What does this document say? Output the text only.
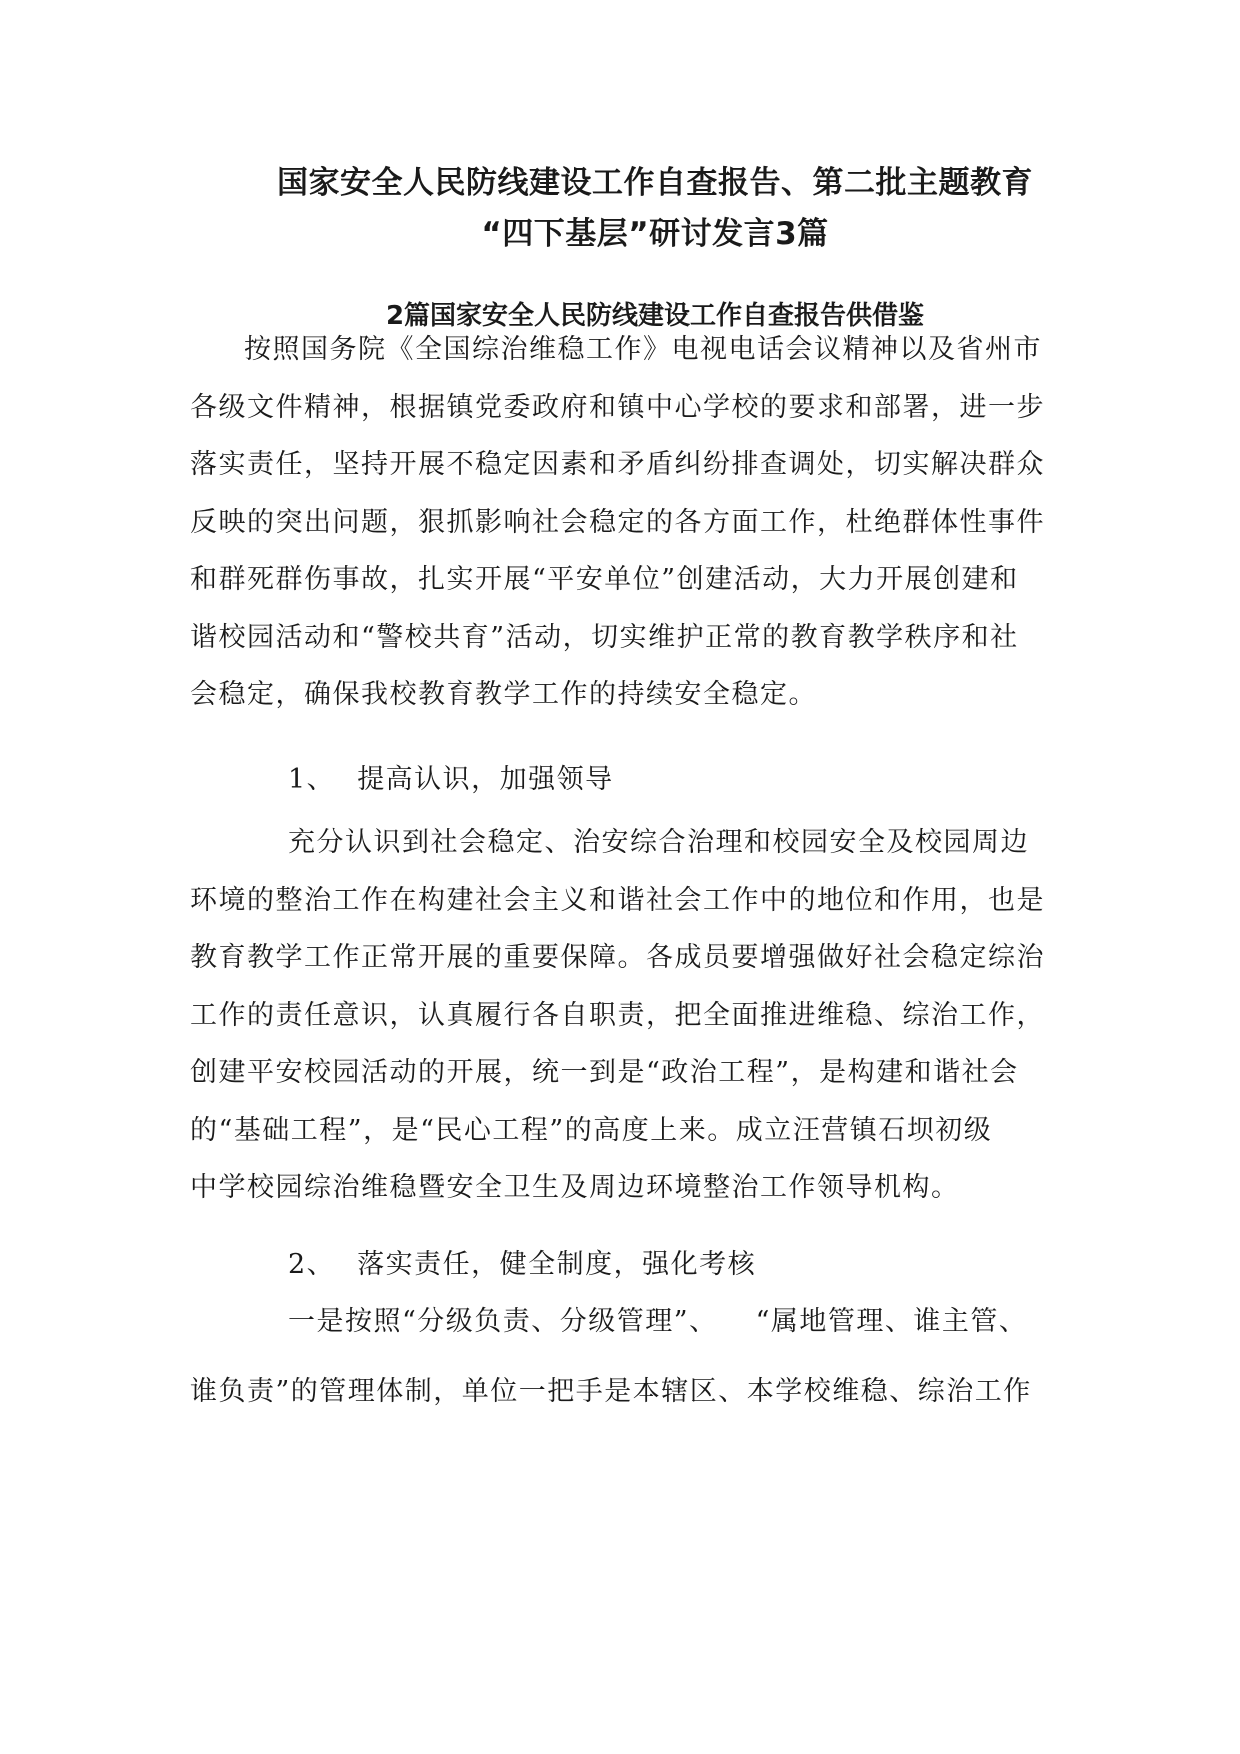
国家安全人民防线建设工作自查报告、第二批主题教育
“四下基层”研讨发言3篇
2篇国家安全人民防线建设工作自查报告供借鉴
按照国务院《全国综治维稳工作》电视电话会议精神以及省州市
各级文件精神，根据镇党委政府和镇中心学校的要求和部署，进一步
落实责任，坚持开展不稳定因素和矛盾纠纷排查调处，切实解决群众
反映的突出问题，狠抓影响社会稳定的各方面工作，杜绝群体性事件
和群死群伤事故，扎实开展“平安单位”创建活动，大力开展创建和
谐校园活动和“警校共育”活动，切实维护正常的教育教学秩序和社
会稳定，确保我校教育教学工作的持续安全稳定。
1、 提高认识，加强领导
充分认识到社会稳定、治安综合治理和校园安全及校园周边
环境的整治工作在构建社会主义和谐社会工作中的地位和作用，也是
教育教学工作正常开展的重要保障。各成员要增强做好社会稳定综治
工作的责任意识，认真履行各自职责，把全面推进维稳、综治工作，
创建平安校园活动的开展，统一到是“政治工程”，是构建和谐社会
的“基础工程”，是“民心工程”的高度上来。成立汪营镇石坝初级
中学校园综治维稳暨安全卫生及周边环境整治工作领导机构。
2、 落实责任，健全制度，强化考核
一是按照“分级负责、分级管理”、 “属地管理、谁主管、
谁负责”的管理体制，单位一把手是本辖区、本学校维稳、综治工作
